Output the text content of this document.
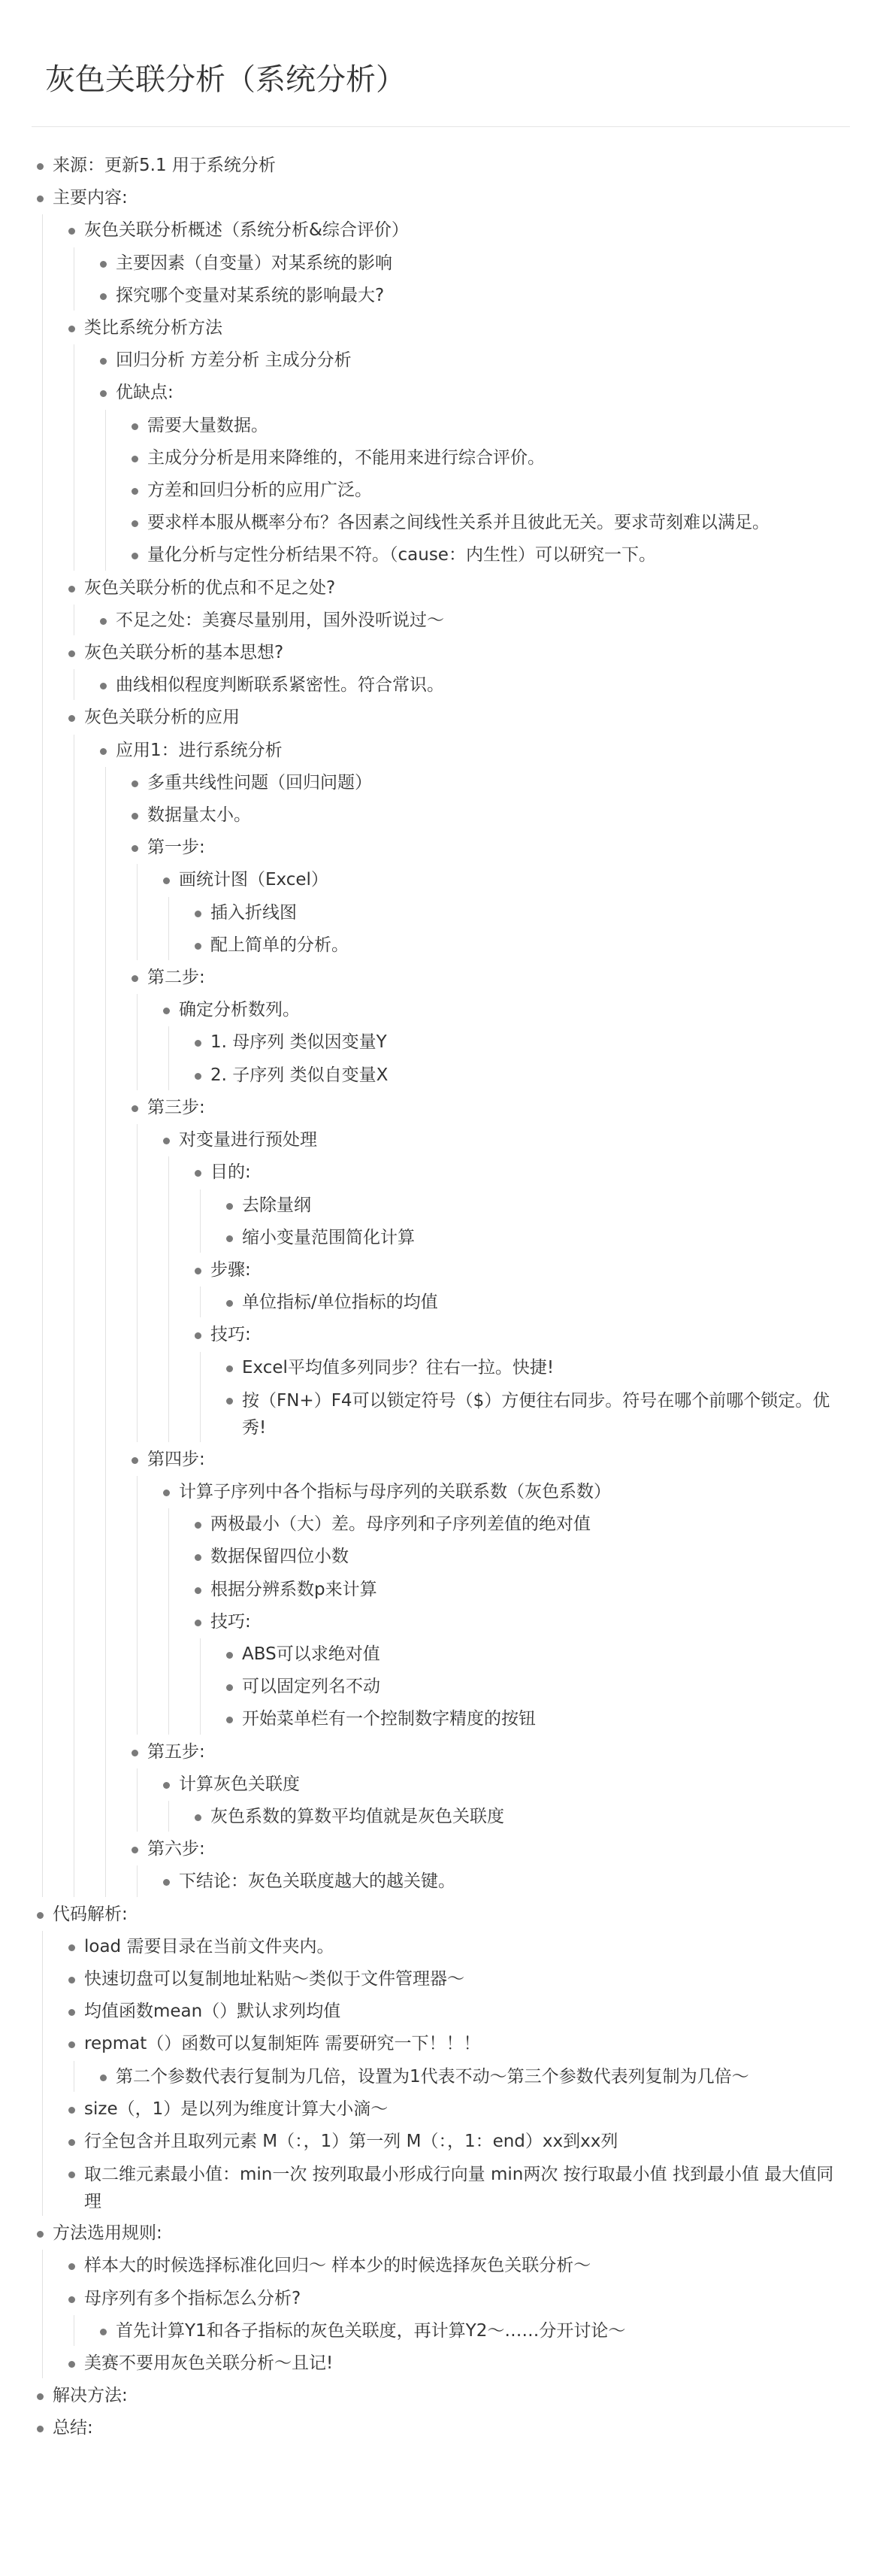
灰色关联分析（系统分析）
来源：更新5.1 用于系统分析
主要内容:
灰色关联分析概述（系统分析&综合评价）
主要因素（自变量）对某系统的影响
探究哪个变量对某系统的影响最大?
类比系统分析方法
回归分析 方差分析 主成分分析
优缺点:
需要大量数据。
主成分分析是用来降维的，不能用来进行综合评价。
方差和回归分析的应用广泛。
要求样本服从概率分布？各因素之间线性关系并且彼此无关。要求苛刻难以满足。
量化分析与定性分析结果不符。（cause：内生性）可以研究一下。
灰色关联分析的优点和不足之处?
不足之处：美赛尽量别用，国外没听说过～
灰色关联分析的基本思想?
曲线相似程度判断联系紧密性。符合常识。
灰色关联分析的应用
应用1：进行系统分析
多重共线性问题（回归问题）
数据量太小。
第一步:
画统计图（Excel）
插入折线图
配上简单的分析。
第二步:
确定分析数列。
1. 母序列 类似因变量Y
2. 子序列 类似自变量X
第三步:
对变量进行预处理
目的:
去除量纲
缩小变量范围简化计算
步骤:
单位指标/单位指标的均值
技巧:
Excel平均值多列同步？往右一拉。快捷!
按（FN+）F4可以锁定符号（$）方便往右同步。符号在哪个前哪个锁定。优秀!
第四步:
计算子序列中各个指标与母序列的关联系数（灰色系数）
两极最小（大）差。母序列和子序列差值的绝对值
数据保留四位小数
根据分辨系数p来计算
技巧:
ABS可以求绝对值
可以固定列名不动
开始菜单栏有一个控制数字精度的按钮
第五步:
计算灰色关联度
灰色系数的算数平均值就是灰色关联度
第六步:
下结论：灰色关联度越大的越关键。
代码解析:
load 需要目录在当前文件夹内。
快速切盘可以复制地址粘贴～类似于文件管理器～
均值函数mean（）默认求列均值
repmat（）函数可以复制矩阵 需要研究一下！！！
第二个参数代表行复制为几倍，设置为1代表不动～第三个参数代表列复制为几倍～
size（，1）是以列为维度计算大小滴～
行全包含并且取列元素 M（：，1）第一列 M（：，1：end）xx到xx列
取二维元素最小值：min一次 按列取最小形成行向量 min两次 按行取最小值 找到最小值 最大值同理
方法选用规则:
样本大的时候选择标准化回归～ 样本少的时候选择灰色关联分析～
母序列有多个指标怎么分析?
首先计算Y1和各子指标的灰色关联度，再计算Y2～……分开讨论～
美赛不要用灰色关联分析～且记!
解决方法:
总结:
